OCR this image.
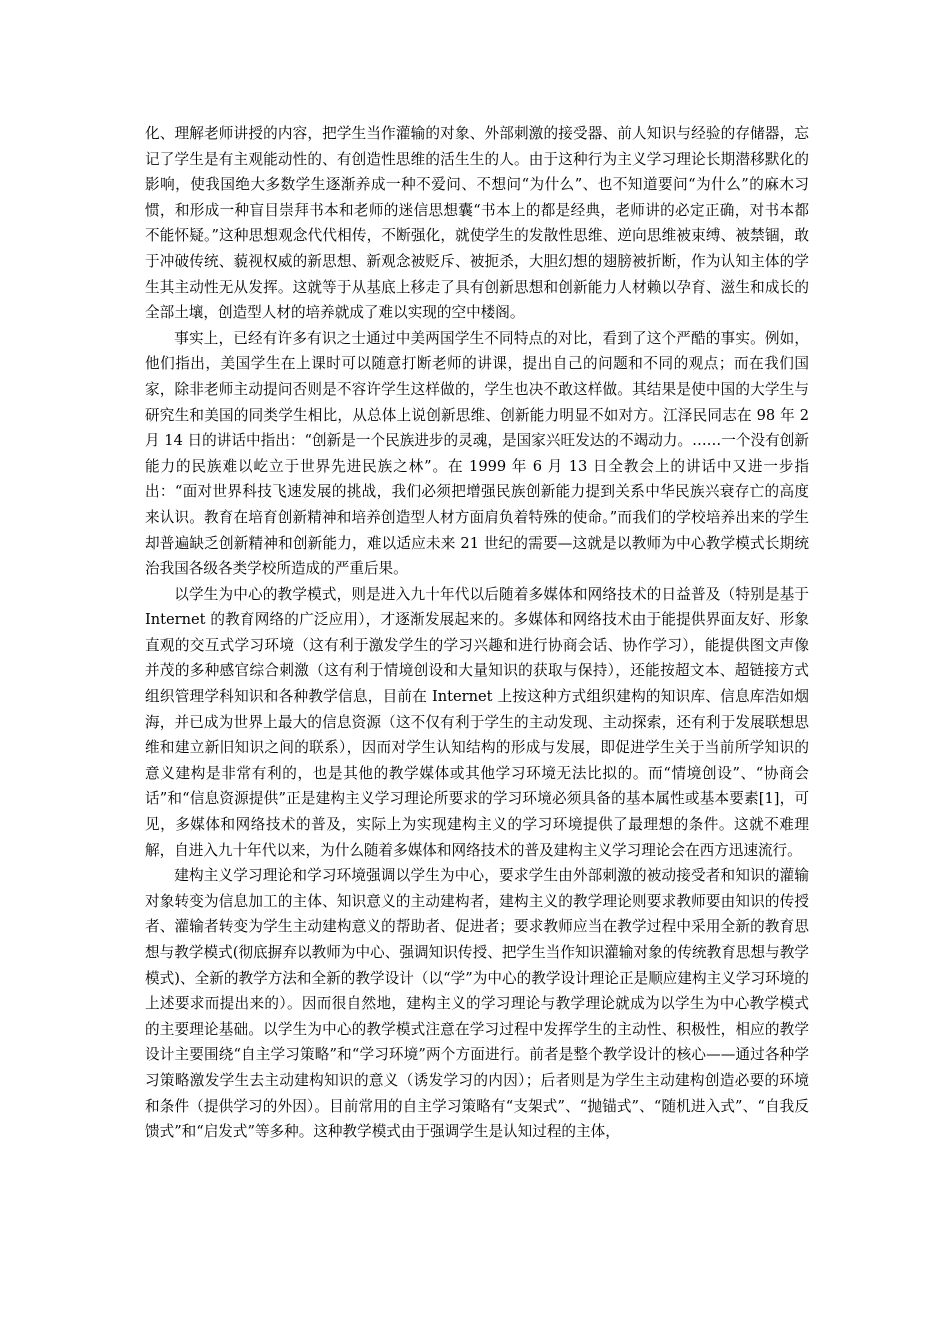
化、理解老师讲授的内容，把学生当作灌输的对象、外部刺激的接受器、前人知识与经验的存储器，忘记了学生是有主观能动性的、有创造性思维的活生生的人。由于这种行为主义学习理论长期潜移默化的影响，使我国绝大多数学生逐渐养成一种不爱问、不想问“为什么”、也不知道要问“为什么”的麻木习惯，和形成一种盲目崇拜书本和老师的迷信思想囊“书本上的都是经典，老师讲的必定正确，对书本都不能怀疑。”这种思想观念代代相传，不断强化，就使学生的发散性思维、逆向思维被束缚、被禁锢，敢于冲破传统、藐视权威的新思想、新观念被贬斥、被扼杀，大胆幻想的翅膀被折断，作为认知主体的学生其主动性无从发挥。这就等于从基底上移走了具有创新思想和创新能力人材赖以孕育、滋生和成长的全部土壤，创造型人材的培养就成了难以实现的空中楼阁。

事实上，已经有许多有识之士通过中美两国学生不同特点的对比，看到了这个严酷的事实。例如，他们指出，美国学生在上课时可以随意打断老师的讲课，提出自己的问题和不同的观点；而在我们国家，除非老师主动提问否则是不容许学生这样做的，学生也决不敢这样做。其结果是使中国的大学生与研究生和美国的同类学生相比，从总体上说创新思维、创新能力明显不如对方。江泽民同志在 98 年 2 月 14 日的讲话中指出：“创新是一个民族进步的灵魂，是国家兴旺发达的不竭动力。……一个没有创新能力的民族难以屹立于世界先进民族之林”。在 1999 年 6 月 13 日全教会上的讲话中又进一步指出：“面对世界科技飞速发展的挑战，我们必须把增强民族创新能力提到关系中华民族兴衰存亡的高度来认识。教育在培育创新精神和培养创造型人材方面肩负着特殊的使命。”而我们的学校培养出来的学生却普遍缺乏创新精神和创新能力，难以适应未来 21 世纪的需要—这就是以教师为中心教学模式长期统治我国各级各类学校所造成的严重后果。

以学生为中心的教学模式，则是进入九十年代以后随着多媒体和网络技术的日益普及（特别是基于 Internet 的教育网络的广泛应用），才逐渐发展起来的。多媒体和网络技术由于能提供界面友好、形象直观的交互式学习环境（这有利于激发学生的学习兴趣和进行协商会话、协作学习），能提供图文声像并茂的多种感官综合刺激（这有利于情境创设和大量知识的获取与保持），还能按超文本、超链接方式组织管理学科知识和各种教学信息，目前在 Internet 上按这种方式组织建构的知识库、信息库浩如烟海，并已成为世界上最大的信息资源（这不仅有利于学生的主动发现、主动探索，还有利于发展联想思维和建立新旧知识之间的联系），因而对学生认知结构的形成与发展，即促进学生关于当前所学知识的意义建构是非常有利的，也是其他的教学媒体或其他学习环境无法比拟的。而“情境创设”、“协商会话”和“信息资源提供”正是建构主义学习理论所要求的学习环境必须具备的基本属性或基本要素[1]，可见，多媒体和网络技术的普及，实际上为实现建构主义的学习环境提供了最理想的条件。这就不难理解，自进入九十年代以来，为什么随着多媒体和网络技术的普及建构主义学习理论会在西方迅速流行。

建构主义学习理论和学习环境强调以学生为中心，要求学生由外部刺激的被动接受者和知识的灌输对象转变为信息加工的主体、知识意义的主动建构者，建构主义的教学理论则要求教师要由知识的传授者、灌输者转变为学生主动建构意义的帮助者、促进者；要求教师应当在教学过程中采用全新的教育思想与教学模式(彻底摒弃以教师为中心、强调知识传授、把学生当作知识灌输对象的传统教育思想与教学模式)、全新的教学方法和全新的教学设计（以“学”为中心的教学设计理论正是顺应建构主义学习环境的上述要求而提出来的）。因而很自然地，建构主义的学习理论与教学理论就成为以学生为中心教学模式的主要理论基础。以学生为中心的教学模式注意在学习过程中发挥学生的主动性、积极性，相应的教学设计主要围绕“自主学习策略”和“学习环境”两个方面进行。前者是整个教学设计的核心——通过各种学习策略激发学生去主动建构知识的意义（诱发学习的内因）；后者则是为学生主动建构创造必要的环境和条件（提供学习的外因）。目前常用的自主学习策略有“支架式”、“抛锚式”、“随机进入式”、“自我反馈式”和“启发式”等多种。这种教学模式由于强调学生是认知过程的主体，
